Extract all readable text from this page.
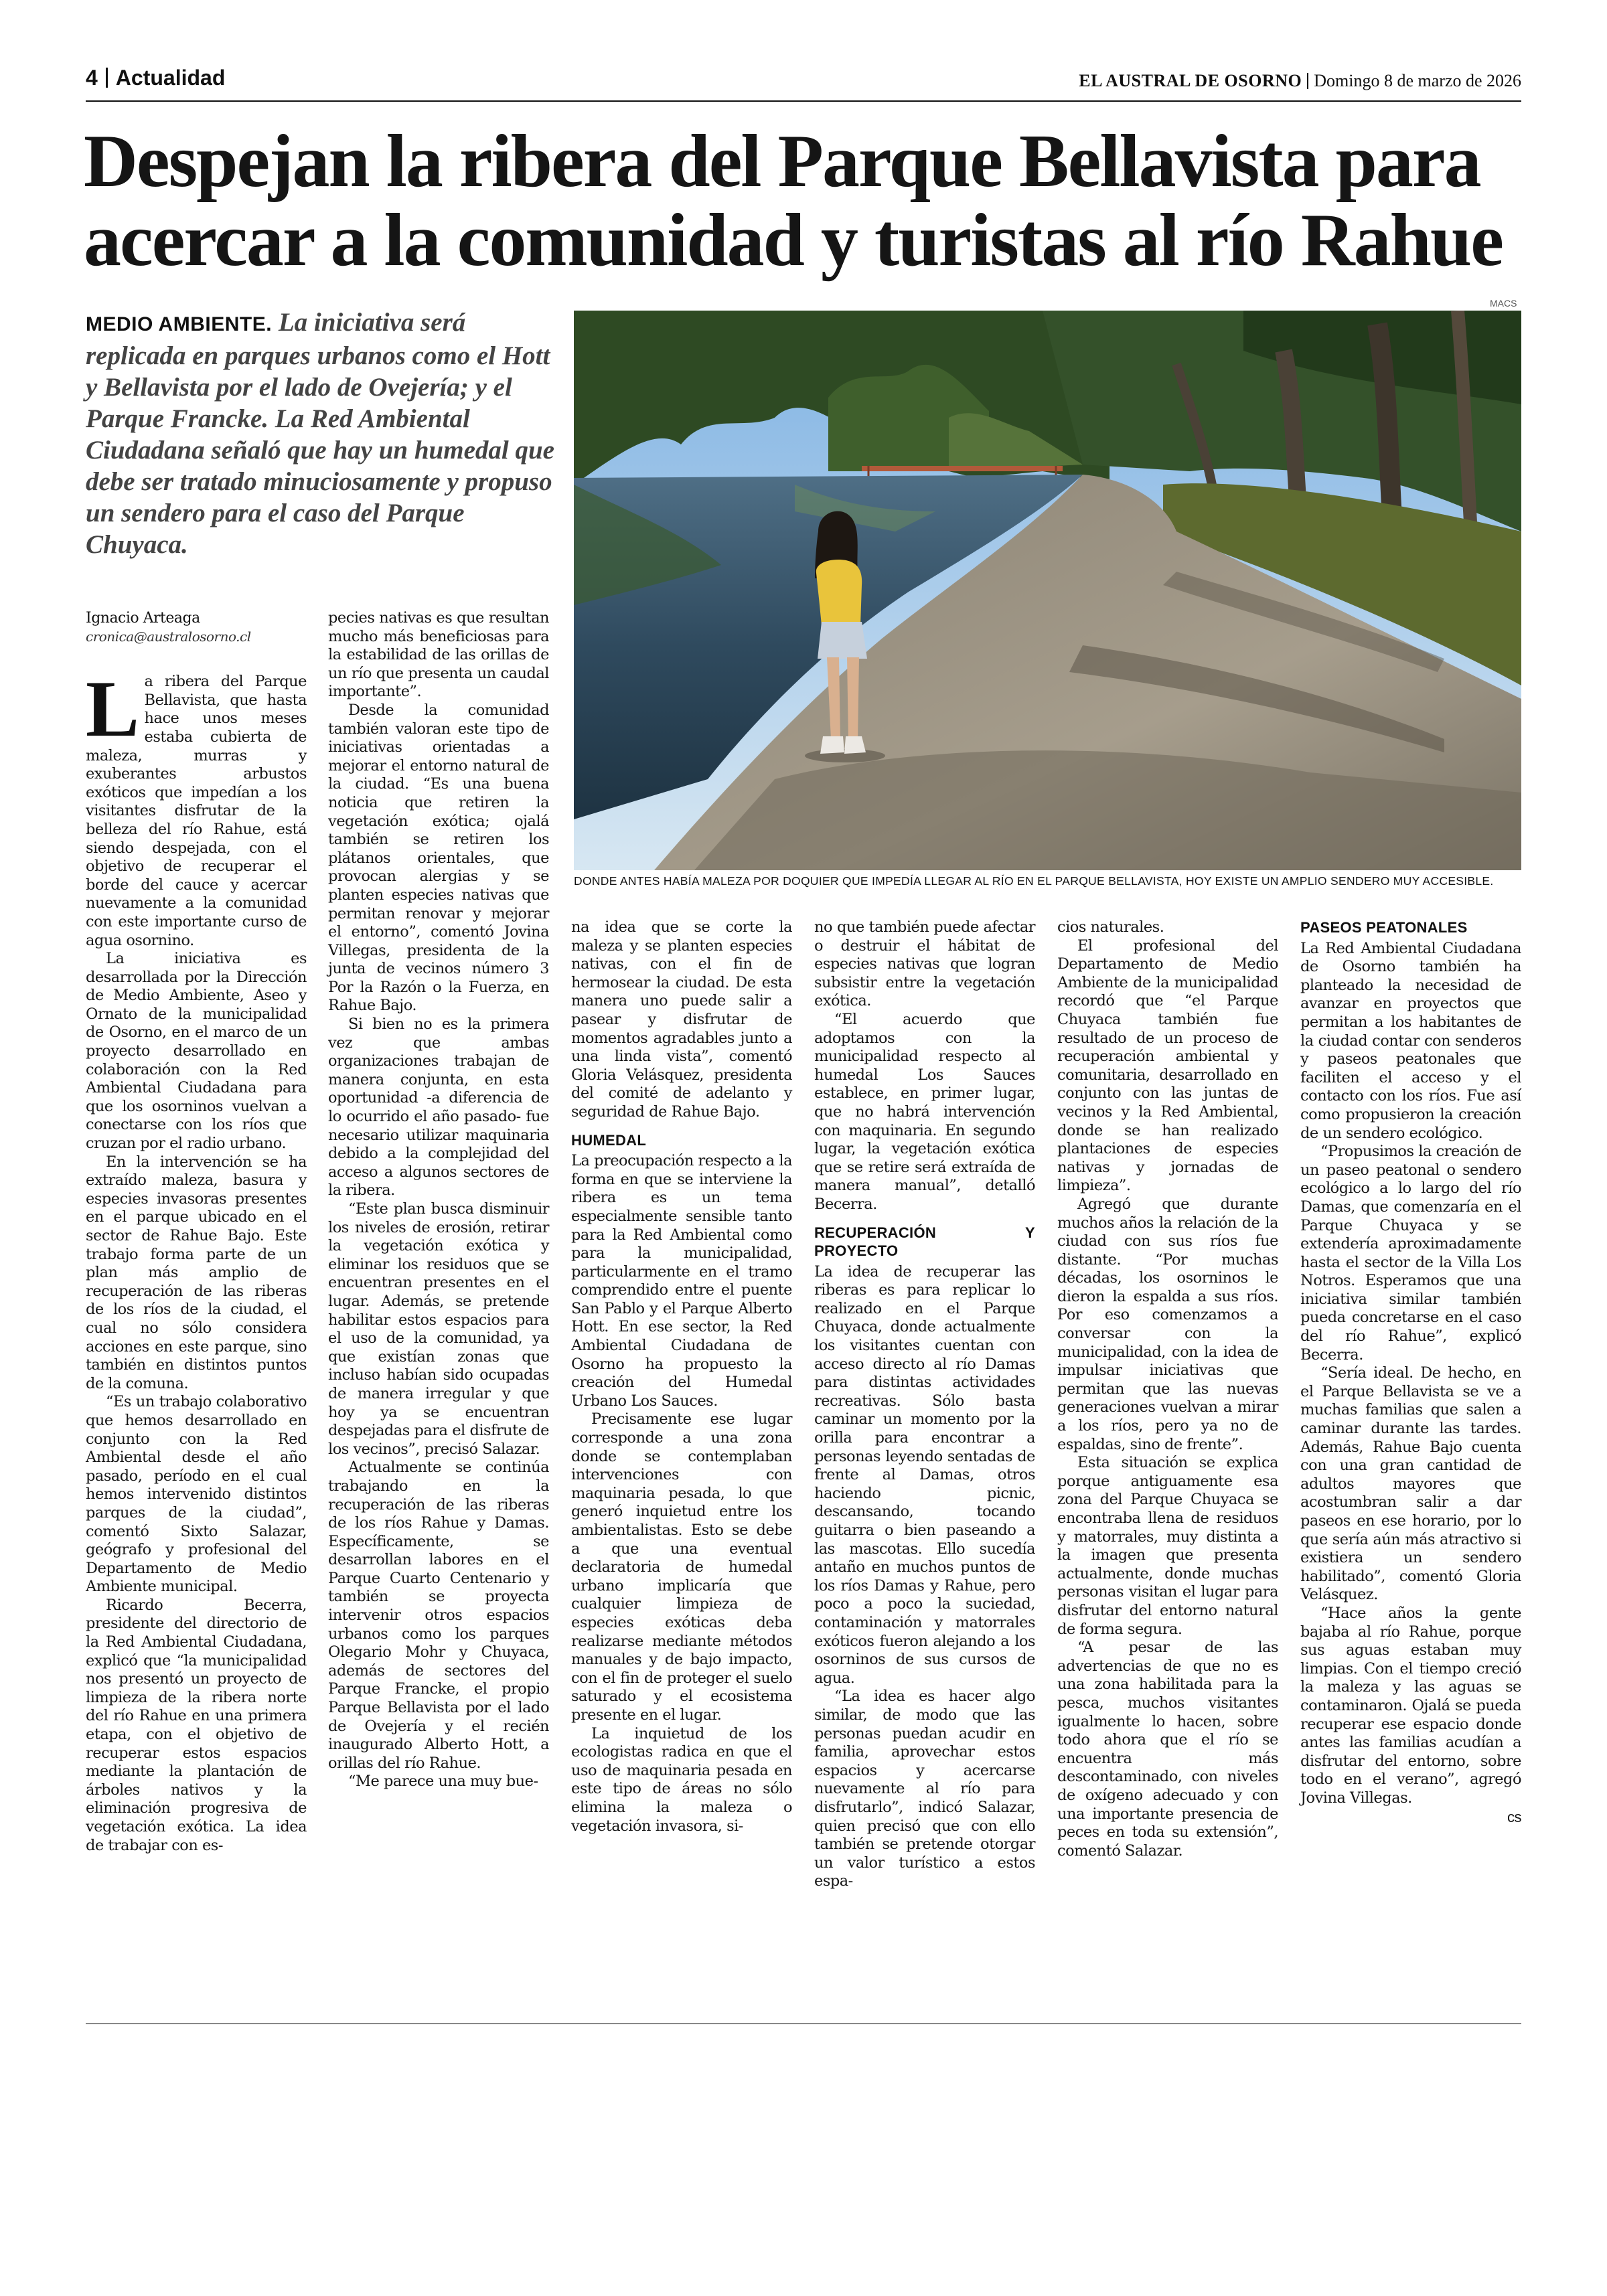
4 Actualidad	EL AUSTRAL DE OSORNO Domingo 8 de marzo de 2026
Despejan la ribera del Parque Bellavista para acercar a la comunidad y turistas al río Rahue

MEDIO AMBIENTE. La iniciativa será replicada en parques urbanos como el Hott y Bellavista por el lado de Ovejería; y el Parque Francke. La Red Ambiental Ciudadana señaló que hay un humedal que debe ser tratado minuciosamente y propuso un sendero para el caso del Parque Chuyaca.

MACS
DONDE ANTES HABÍA MALEZA POR DOQUIER QUE IMPEDÍA LLEGAR AL RÍO EN EL PARQUE BELLAVISTA, HOY EXISTE UN AMPLIO SENDERO MUY ACCESIBLE.
Ignacio Arteaga
cronica@australosorno.cl

La ribera del Parque Bellavista, que hasta hace unos meses estaba cubierta de maleza, murras y exuberantes arbustos exóticos que impedían a los visitantes disfrutar de la belleza del río Rahue, está siendo despejada, con el objetivo de recuperar el borde del cauce y acercar nuevamente a la comunidad con este importante curso de agua osornino.

La iniciativa es desarrollada por la Dirección de Medio Ambiente, Aseo y Ornato de la municipalidad de Osorno, en el marco de un proyecto desarrollado en colaboración con la Red Ambiental Ciudadana para que los osorninos vuelvan a conectarse con los ríos que cruzan por el radio urbano.

En la intervención se ha extraído maleza, basura y especies invasoras presentes en el parque ubicado en el sector de Rahue Bajo. Este trabajo forma parte de un plan más amplio de recuperación de las riberas de los ríos de la ciudad, el cual no sólo considera acciones en este parque, sino también en distintos puntos de la comuna.

“Es un trabajo colaborativo que hemos desarrollado en conjunto con la Red Ambiental desde el año pasado, período en el cual hemos intervenido distintos parques de la ciudad”, comentó Sixto Salazar, geógrafo y profesional del Departamento de Medio Ambiente municipal.

Ricardo Becerra, presidente del directorio de la Red Ambiental Ciudadana, explicó que “la municipalidad nos presentó un proyecto de limpieza de la ribera norte del río Rahue en una primera etapa, con el objetivo de recuperar estos espacios mediante la plantación de árboles nativos y la eliminación progresiva de vegetación exótica. La idea de trabajar con es-

pecies nativas es que resultan mucho más beneficiosas para la estabilidad de las orillas de un río que presenta un caudal importante”.

Desde la comunidad también valoran este tipo de iniciativas orientadas a mejorar el entorno natural de la ciudad. “Es una buena noticia que retiren la vegetación exótica; ojalá también se retiren los plátanos orientales, que provocan alergias y se planten especies nativas que permitan renovar y mejorar el entorno”, comentó Jovina Villegas, presidenta de la junta de vecinos número 3 Por la Razón o la Fuerza, en Rahue Bajo.

Si bien no es la primera vez que ambas organizaciones trabajan de manera conjunta, en esta oportunidad -a diferencia de lo ocurrido el año pasado- fue necesario utilizar maquinaria debido a la complejidad del acceso a algunos sectores de la ribera.

“Este plan busca disminuir los niveles de erosión, retirar la vegetación exótica y eliminar los residuos que se encuentran presentes en el lugar. Además, se pretende habilitar estos espacios para el uso de la comunidad, ya que existían zonas que incluso habían sido ocupadas de manera irregular y que hoy ya se encuentran despejadas para el disfrute de los vecinos”, precisó Salazar.

Actualmente se continúa trabajando en la recuperación de las riberas de los ríos Rahue y Damas. Específicamente, se desarrollan labores en el Parque Cuarto Centenario y también se proyecta intervenir otros espacios urbanos como los parques Olegario Mohr y Chuyaca, además de sectores del Parque Francke, el propio Parque Bellavista por el lado de Ovejería y el recién inaugurado Alberto Hott, a orillas del río Rahue.

“Me parece una muy bue-

na idea que se corte la maleza y se planten especies nativas, con el fin de hermosear la ciudad. De esta manera uno puede salir a pasear y disfrutar de momentos agradables junto a una linda vista”, comentó Gloria Velásquez, presidenta del comité de adelanto y seguridad de Rahue Bajo.

HUMEDAL

La preocupación respecto a la forma en que se interviene la ribera es un tema especialmente sensible tanto para la Red Ambiental como para la municipalidad, particularmente en el tramo comprendido entre el puente San Pablo y el Parque Alberto Hott. En ese sector, la Red Ambiental Ciudadana de Osorno ha propuesto la creación del Humedal Urbano Los Sauces.

Precisamente ese lugar corresponde a una zona donde se contemplaban intervenciones con maquinaria pesada, lo que generó inquietud entre los ambientalistas. Esto se debe a que una eventual declaratoria de humedal urbano implicaría que cualquier limpieza de especies exóticas deba realizarse mediante métodos manuales y de bajo impacto, con el fin de proteger el suelo saturado y el ecosistema presente en el lugar.

La inquietud de los ecologistas radica en que el uso de maquinaria pesada en este tipo de áreas no sólo elimina la maleza o vegetación invasora, si-

no que también puede afectar o destruir el hábitat de especies nativas que logran subsistir entre la vegetación exótica.

“El acuerdo que adoptamos con la municipalidad respecto al humedal Los Sauces establece, en primer lugar, que no habrá intervención con maquinaria. En segundo lugar, la vegetación exótica que se retire será extraída de manera manual”, detalló Becerra.

RECUPERACIÓN Y PROYECTO

La idea de recuperar las riberas es para replicar lo realizado en el Parque Chuyaca, donde actualmente los visitantes cuentan con acceso directo al río Damas para distintas actividades recreativas. Sólo basta caminar un momento por la orilla para encontrar a personas leyendo sentadas de frente al Damas, otros haciendo picnic, descansando, tocando guitarra o bien paseando a las mascotas. Ello sucedía antaño en muchos puntos de los ríos Damas y Rahue, pero poco a poco la suciedad, contaminación y matorrales exóticos fueron alejando a los osorninos de sus cursos de agua.

“La idea es hacer algo similar, de modo que las personas puedan acudir en familia, aprovechar estos espacios y acercarse nuevamente al río para disfrutarlo”, indicó Salazar, quien precisó que con ello también se pretende otorgar un valor turístico a estos espa-

cios naturales.

El profesional del Departamento de Medio Ambiente de la municipalidad recordó que “el Parque Chuyaca también fue resultado de un proceso de recuperación ambiental y comunitaria, desarrollado en conjunto con las juntas de vecinos y la Red Ambiental, donde se han realizado plantaciones de especies nativas y jornadas de limpieza”.

Agregó que durante muchos años la relación de la ciudad con sus ríos fue distante. “Por muchas décadas, los osorninos le dieron la espalda a sus ríos. Por eso comenzamos a conversar con la municipalidad, con la idea de impulsar iniciativas que permitan que las nuevas generaciones vuelvan a mirar a los ríos, pero ya no de espaldas, sino de frente”.

Esta situación se explica porque antiguamente esa zona del Parque Chuyaca se encontraba llena de residuos y matorrales, muy distinta a la imagen que presenta actualmente, donde muchas personas visitan el lugar para disfrutar del entorno natural de forma segura.

“A pesar de las advertencias de que no es una zona habilitada para la pesca, muchos visitantes igualmente lo hacen, sobre todo ahora que el río se encuentra más descontaminado, con niveles de oxígeno adecuado y con una importante presencia de peces en toda su extensión”, comentó Salazar.

PASEOS PEATONALES

La Red Ambiental Ciudadana de Osorno también ha planteado la necesidad de avanzar en proyectos que permitan a los habitantes de la ciudad contar con senderos y paseos peatonales que faciliten el acceso y el contacto con los ríos. Fue así como propusieron la creación de un sendero ecológico.

“Propusimos la creación de un paseo peatonal o sendero ecológico a lo largo del río Damas, que comenzaría en el Parque Chuyaca y se extendería aproximadamente hasta el sector de la Villa Los Notros. Esperamos que una iniciativa similar también pueda concretarse en el caso del río Rahue”, explicó Becerra.

“Sería ideal. De hecho, en el Parque Bellavista se ve a muchas familias que salen a caminar durante las tardes. Además, Rahue Bajo cuenta con una gran cantidad de adultos mayores que acostumbran salir a dar paseos en ese horario, por lo que sería aún más atractivo si existiera un sendero habilitado”, comentó Gloria Velásquez.

“Hace años la gente bajaba al río Rahue, porque sus aguas estaban muy limpias. Con el tiempo creció la maleza y las aguas se contaminaron. Ojalá se pueda recuperar ese espacio donde antes las familias acudían a disfrutar del entorno, sobre todo en el verano”, agregó Jovina Villegas.

cs
